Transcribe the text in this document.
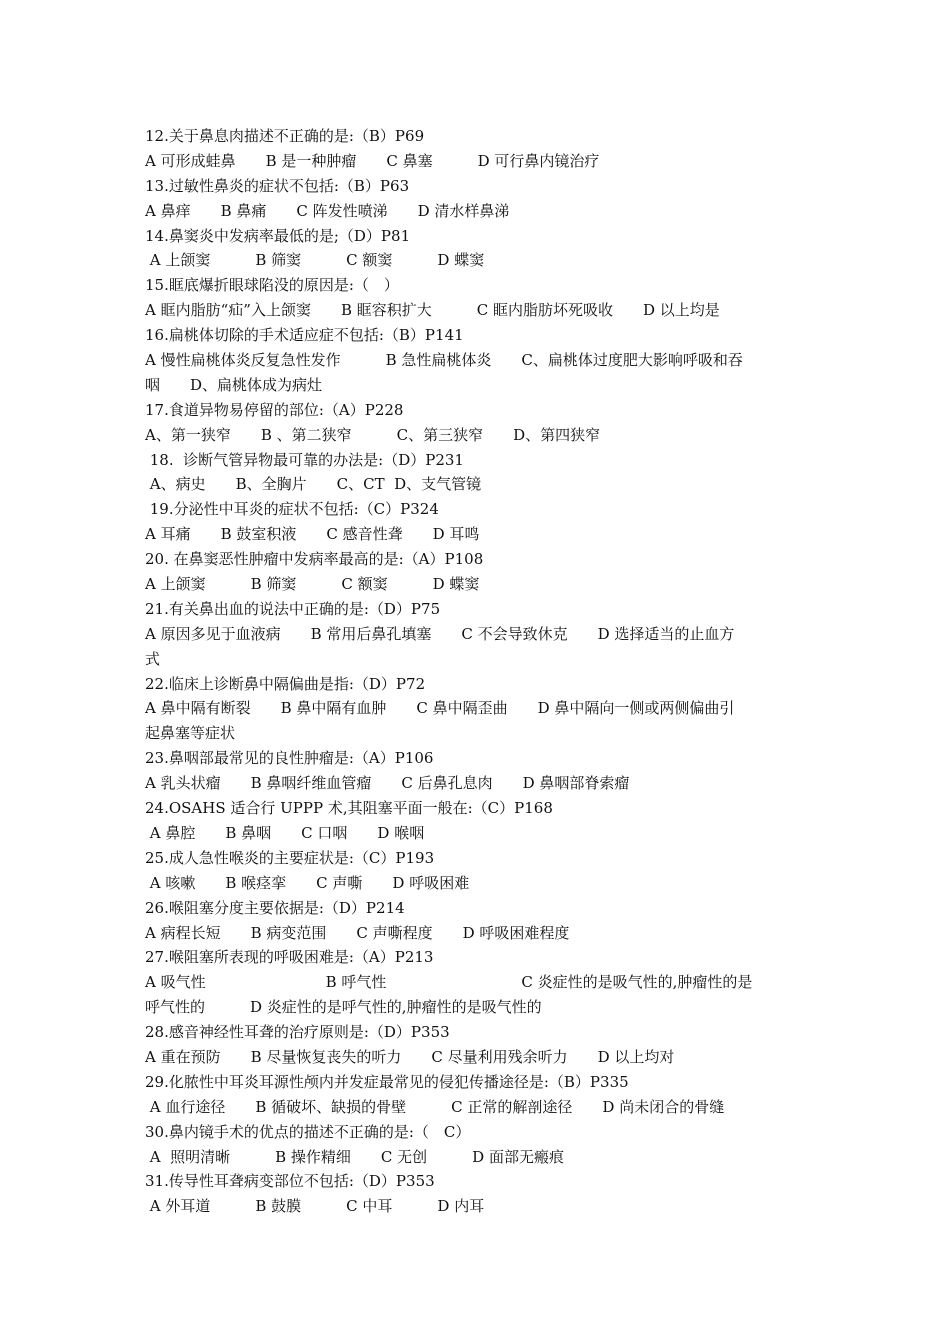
12.关于鼻息肉描述不正确的是:（B）P69
A 可形成蛙鼻　　B 是一种肿瘤　　C 鼻塞　　　D 可行鼻内镜治疗
13.过敏性鼻炎的症状不包括:（B）P63
A 鼻痒　　B 鼻痛　　C 阵发性喷涕　　D 清水样鼻涕
14.鼻窦炎中发病率最低的是;（D）P81
A 上颌窦　　　B 筛窦　　　C 额窦　　　D 蝶窦
15.眶底爆折眼球陷没的原因是:（　）
A 眶内脂肪“疝”入上颌窦　　B 眶容积扩大　　　C 眶内脂肪坏死吸收　　D 以上均是
16.扁桃体切除的手术适应症不包括:（B）P141
A 慢性扁桃体炎反复急性发作　　　B 急性扁桃体炎　　C、扁桃体过度肥大影响呼吸和吞
咽　　D、扁桃体成为病灶
17.食道异物易停留的部位:（A）P228
A、第一狭窄　　B 、第二狭窄　　　C、第三狭窄　　D、第四狭窄
18.  诊断气管异物最可靠的办法是:（D）P231
A、病史　　B、全胸片　　C、CT  D、支气管镜
19.分泌性中耳炎的症状不包括:（C）P324
A 耳痛　　B 鼓室积液　　C 感音性聋　　D 耳鸣
20. 在鼻窦恶性肿瘤中发病率最高的是:（A）P108
A 上颌窦　　　B 筛窦　　　C 额窦　　　D 蝶窦
21.有关鼻出血的说法中正确的是:（D）P75
A 原因多见于血液病　　B 常用后鼻孔填塞　　C 不会导致休克　　D 选择适当的止血方
式
22.临床上诊断鼻中隔偏曲是指:（D）P72
A 鼻中隔有断裂　　B 鼻中隔有血肿　　C 鼻中隔歪曲　　D 鼻中隔向一侧或两侧偏曲引
起鼻塞等症状
23.鼻咽部最常见的良性肿瘤是:（A）P106
A 乳头状瘤　　B 鼻咽纤维血管瘤　　C 后鼻孔息肉　　D 鼻咽部脊索瘤
24.OSAHS 适合行 UPPP 术,其阻塞平面一般在:（C）P168
A 鼻腔　　B 鼻咽　　C 口咽　　D 喉咽
25.成人急性喉炎的主要症状是:（C）P193
A 咳嗽　　B 喉痉挛　　C 声嘶　　D 呼吸困难
26.喉阻塞分度主要依据是:（D）P214
A 病程长短　　B 病变范围　　C 声嘶程度　　D 呼吸困难程度
27.喉阻塞所表现的呼吸困难是:（A）P213
A 吸气性　　　　　　　　B 呼气性　　　　　　　　　C 炎症性的是吸气性的,肿瘤性的是
呼气性的　　　D 炎症性的是呼气性的,肿瘤性的是吸气性的
28.感音神经性耳聋的治疗原则是:（D）P353
A 重在预防　　B 尽量恢复丧失的听力　　C 尽量利用残余听力　　D 以上均对
29.化脓性中耳炎耳源性颅内并发症最常见的侵犯传播途径是:（B）P335
A 血行途径　　B 循破坏、缺损的骨壁　　　C 正常的解剖途径　　D 尚未闭合的骨缝
30.鼻内镜手术的优点的描述不正确的是:（　C）
A  照明清晰　　　B 操作精细　　C 无创　　　D 面部无瘢痕
31.传导性耳聋病变部位不包括:（D）P353
A 外耳道　　　B 鼓膜　　　C 中耳　　　D 内耳
